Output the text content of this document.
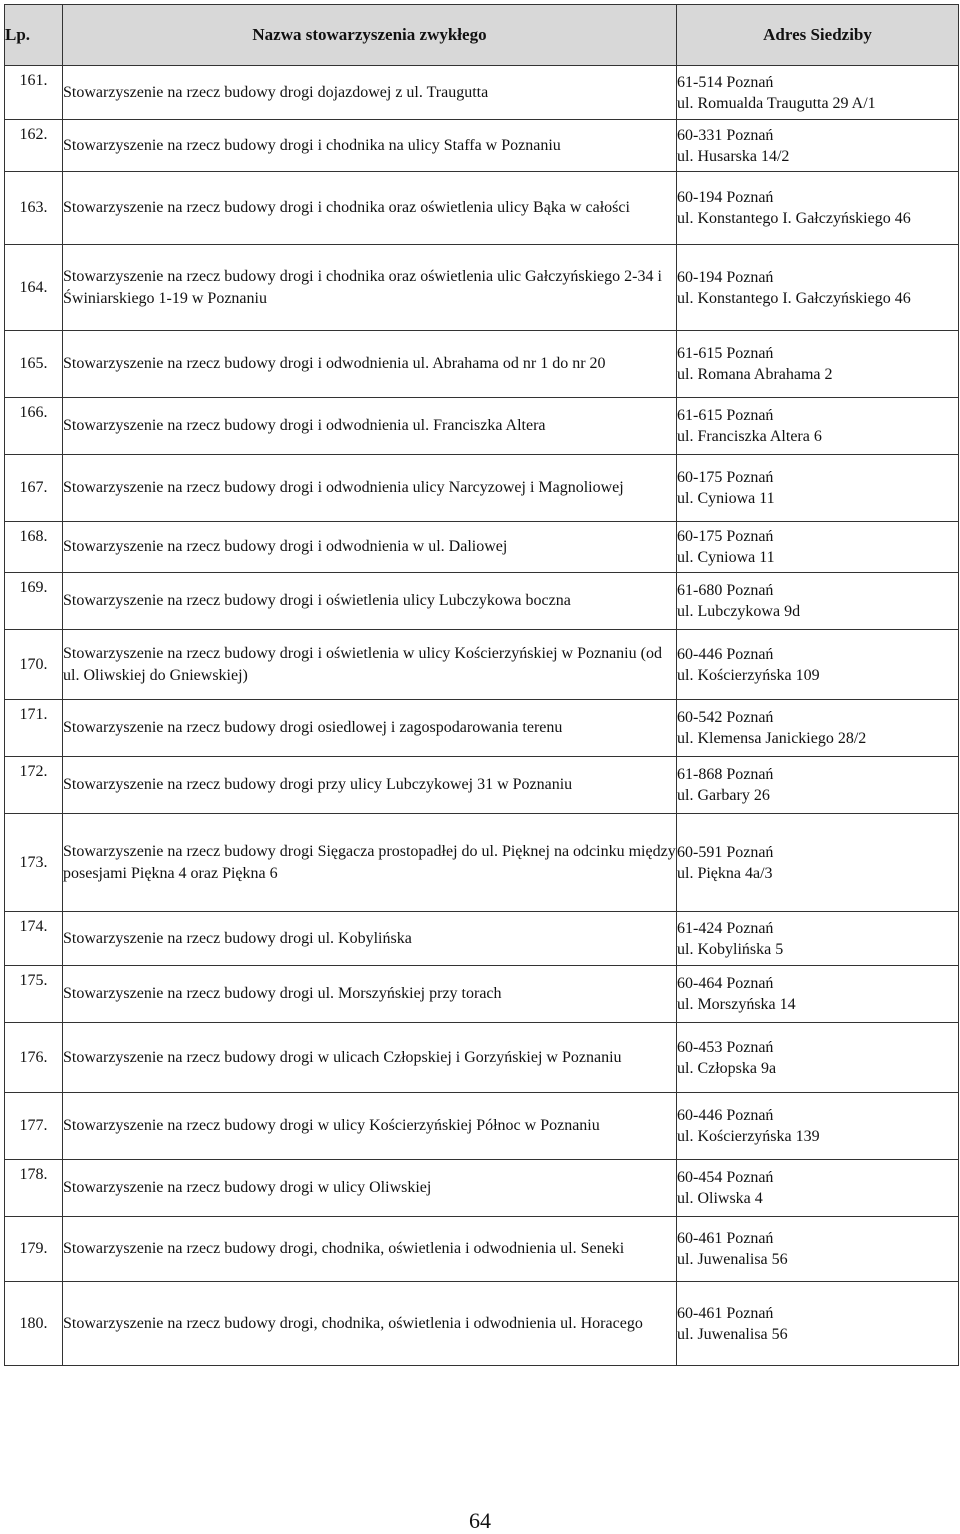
Lp.	Nazwa stowarzyszenia zwykłego	Adres Siedziby
161.	Stowarzyszenie na rzecz budowy drogi dojazdowej z ul. Traugutta	61-514 Poznań
ul. Romualda Traugutta 29 A/1

162.	Stowarzyszenie na rzecz budowy drogi i chodnika na ulicy Staffa w Poznaniu	60-331 Poznań
ul. Husarska 14/2

163.	Stowarzyszenie na rzecz budowy drogi i chodnika oraz oświetlenia ulicy Bąka w całości	60-194 Poznań
ul. Konstantego I. Gałczyńskiego 46

164.	Stowarzyszenie na rzecz budowy drogi i chodnika oraz oświetlenia ulic Gałczyńskiego 2-34 i Świniarskiego 1-19 w Poznaniu	60-194 Poznań
ul. Konstantego I. Gałczyńskiego 46

165.	Stowarzyszenie na rzecz budowy drogi i odwodnienia ul. Abrahama od nr 1 do nr 20	61-615 Poznań
ul. Romana Abrahama 2

166.	Stowarzyszenie na rzecz budowy drogi i odwodnienia ul. Franciszka Altera	61-615 Poznań
ul. Franciszka Altera 6

167.	Stowarzyszenie na rzecz budowy drogi i odwodnienia ulicy Narcyzowej i Magnoliowej	60-175 Poznań
ul. Cyniowa 11

168.	Stowarzyszenie na rzecz budowy drogi i odwodnienia w ul. Daliowej	60-175 Poznań
ul. Cyniowa 11

169.	Stowarzyszenie na rzecz budowy drogi i oświetlenia ulicy Lubczykowa boczna	61-680 Poznań
ul. Lubczykowa 9d

170.	Stowarzyszenie na rzecz budowy drogi i oświetlenia w ulicy Kościerzyńskiej w Poznaniu (od ul. Oliwskiej do Gniewskiej)	60-446 Poznań
ul. Kościerzyńska 109

171.	Stowarzyszenie na rzecz budowy drogi osiedlowej i zagospodarowania terenu	60-542 Poznań
ul. Klemensa Janickiego 28/2

172.	Stowarzyszenie na rzecz budowy drogi przy ulicy Lubczykowej 31 w Poznaniu	61-868 Poznań
ul. Garbary 26

173.	Stowarzyszenie na rzecz budowy drogi Sięgacza prostopadłej do ul. Pięknej na odcinku między posesjami Piękna 4 oraz Piękna 6	60-591 Poznań
ul. Piękna 4a/3

174.	Stowarzyszenie na rzecz budowy drogi ul. Kobylińska	61-424 Poznań
ul. Kobylińska 5

175.	Stowarzyszenie na rzecz budowy drogi ul. Morszyńskiej przy torach	60-464 Poznań
ul. Morszyńska 14

176.	Stowarzyszenie na rzecz budowy drogi w ulicach Człopskiej i Gorzyńskiej w Poznaniu	60-453 Poznań
ul. Człopska 9a

177.	Stowarzyszenie na rzecz budowy drogi w ulicy Kościerzyńskiej Północ w Poznaniu	60-446 Poznań
ul. Kościerzyńska 139

178.	Stowarzyszenie na rzecz budowy drogi w ulicy Oliwskiej	60-454 Poznań
ul. Oliwska 4

179.	Stowarzyszenie na rzecz budowy drogi, chodnika, oświetlenia i odwodnienia ul. Seneki	60-461 Poznań
ul. Juwenalisa 56

180.	Stowarzyszenie na rzecz budowy drogi, chodnika, oświetlenia i odwodnienia ul. Horacego	60-461 Poznań
ul. Juwenalisa 56
64
